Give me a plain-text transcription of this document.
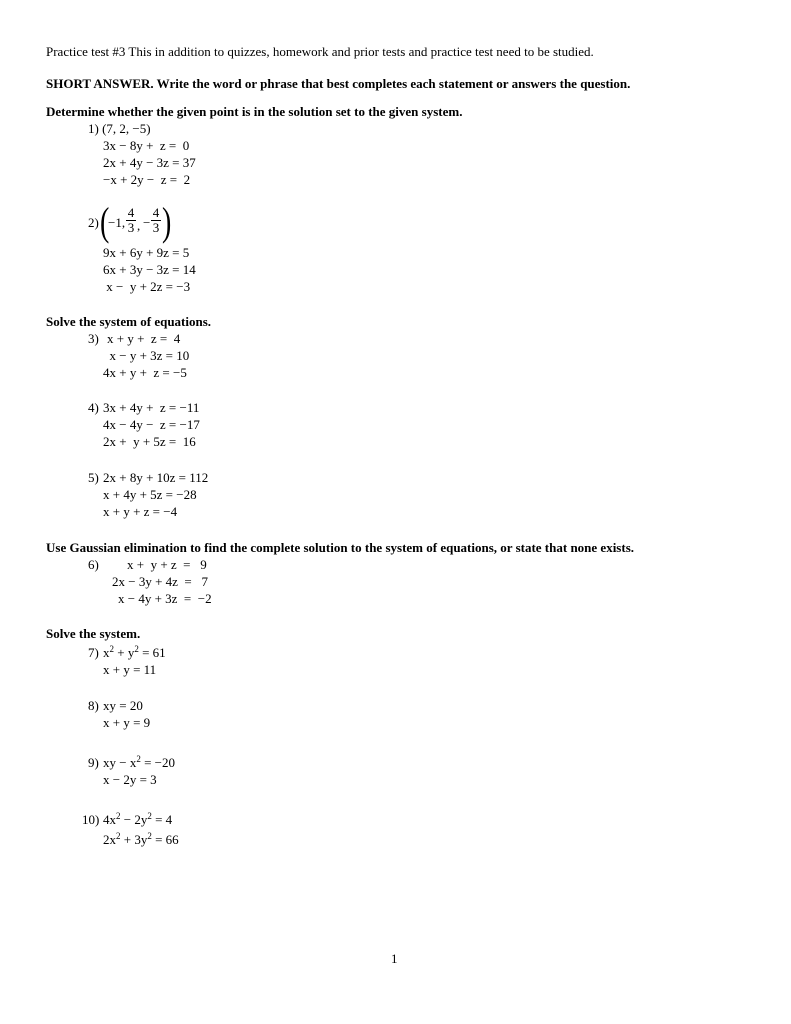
Practice test #3 This in addition to quizzes, homework and prior tests and practice test need to be studied.
SHORT ANSWER. Write the word or phrase that best completes each statement or answers the question.
Determine whether the given point is in the solution set to the given system.
1) (7, 2, −5)
3x − 8y +  z =  0
2x + 4y − 3z = 37
−x + 2y −  z =  2
2) (
−1,
4
3 , −
4
3 )
9x + 6y + 9z = 5
6x + 3y − 3z = 14
x −  y + 2z = −3
Solve the system of equations.
3) x + y +  z =  4
x − y + 3z = 10
4x + y +  z = −5
4) 3x + 4y +  z = −11
4x − 4y −  z = −17
2x +  y + 5z =  16
5) 2x + 8y + 10z = 112
x + 4y + 5z = −28
x + y + z = −4
Use Gaussian elimination to find the complete solution to the system of equations, or state that none exists.
6) x +  y + z  =   9
2x − 3y + 4z  =   7
x − 4y + 3z  =  −2
Solve the system.
7) $x^2 + y^2 = 61$
x + y = 11
8) xy = 20
x + y = 9
9) xy − $x^2 = -20$
x − 2y = 3
10) $4x^2 - 2y^2 = 4$
$2x^2 + 3y^2 = 66$
1
